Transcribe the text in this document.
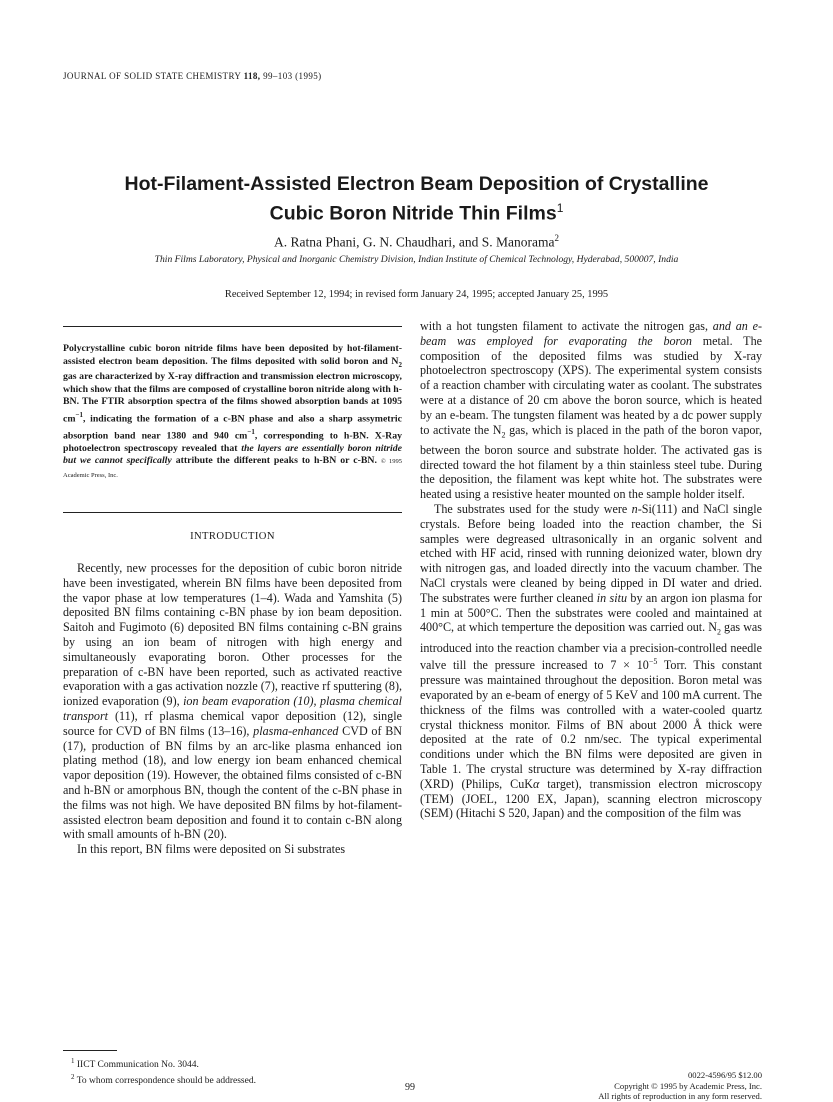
JOURNAL OF SOLID STATE CHEMISTRY 118, 99–103 (1995)
Hot-Filament-Assisted Electron Beam Deposition of Crystalline
Cubic Boron Nitride Thin Films$^1$
A. Ratna Phani, G. N. Chaudhari, and S. Manorama$^2$
Thin Films Laboratory, Physical and Inorganic Chemistry Division, Indian Institute of Chemical Technology, Hyderabad, 500007, India
Received September 12, 1994; in revised form January 24, 1995; accepted January 25, 1995
Polycrystalline cubic boron nitride films have been deposited by hot-filament-assisted electron beam deposition. The films deposited with solid boron and $N_2$ gas are characterized by X-ray diffraction and transmission electron microscopy, which show that the films are composed of crystalline boron nitride along with h-BN. The FTIR absorption spectra of the films showed absorption bands at 1095 $cm^{-1}$, indicating the formation of a c-BN phase and also a sharp assymetric absorption band near 1380 and 940 $cm^{-1}$, corresponding to h-BN. X-Ray photoelectron spectroscopy revealed that the layers are essentially boron nitride but we cannot specifically attribute the different peaks to h-BN or c-BN. © 1995 Academic Press, Inc.
INTRODUCTION

Recently, new processes for the deposition of cubic boron nitride have been investigated, wherein BN films have been deposited from the vapor phase at low temperatures (1–4). Wada and Yamshita (5) deposited BN films containing c-BN phase by ion beam deposition. Saitoh and Fugimoto (6) deposited BN films containing c-BN grains by using an ion beam of nitrogen with high energy and simultaneously evaporating boron. Other processes for the preparation of c-BN have been reported, such as activated reactive evaporation with a gas activation nozzle (7), reactive rf sputtering (8), ionized evaporation (9), ion beam evaporation (10), plasma chemical transport (11), rf plasma chemical vapor deposition (12), single source for CVD of BN films (13–16), plasma-enhanced CVD of BN (17), production of BN films by an arc-like plasma enhanced ion plating method (18), and low energy ion beam enhanced chemical vapor deposition (19). However, the obtained films consisted of c-BN and h-BN or amorphous BN, though the content of the c-BN phase in the films was not high. We have deposited BN films by hot-filament-assisted electron beam deposition and found it to contain c-BN along with small amounts of h-BN (20).

In this report, BN films were deposited on Si substrates

$^1$ IICT Communication No. 3044.
$^2$ To whom correspondence should be addressed.

with a hot tungsten filament to activate the nitrogen gas, and an e-beam was employed for evaporating the boron metal. The composition of the deposited films was studied by X-ray photoelectron spectroscopy (XPS). The experimental system consists of a reaction chamber with circulating water as coolant. The substrates were at a distance of 20 cm above the boron source, which is heated by an e-beam. The tungsten filament was heated by a dc power supply to activate the $N_2$ gas, which is placed in the path of the boron vapor, between the boron source and substrate holder. The activated gas is directed toward the hot filament by a thin stainless steel tube. During the deposition, the filament was kept white hot. The substrates were heated using a resistive heater mounted on the sample holder itself.

The substrates used for the study were n-Si(111) and NaCl single crystals. Before being loaded into the reaction chamber, the Si samples were degreased ultrasonically in an organic solvent and etched with HF acid, rinsed with running deionized water, blown dry with nitrogen gas, and loaded directly into the vacuum chamber. The NaCl crystals were cleaned by being dipped in DI water and dried. The substrates were further cleaned in situ by an argon ion plasma for 1 min at 500°C. Then the substrates were cooled and maintained at 400°C, at which temperture the deposition was carried out. $N_2$ gas was introduced into the reaction chamber via a precision-controlled needle valve till the pressure increased to $7 \times 10^{-5}$ Torr. This constant pressure was maintained throughout the deposition. Boron metal was evaporated by an e-beam of energy of 5 KeV and 100 mA current. The thickness of the films was controlled with a water-cooled quartz crystal thickness monitor. Films of BN about 2000 Å thick were deposited at the rate of 0.2 nm/sec. The typical experimental conditions under which the BN films were deposited are given in Table 1. The crystal structure was determined by X-ray diffraction (XRD) (Philips, CuKα target), transmission electron microscopy (TEM) (JOEL, 1200 EX, Japan), scanning electron microscopy (SEM) (Hitachi S 520, Japan) and the composition of the film was

99
0022-4596/95 $12.00
Copyright © 1995 by Academic Press, Inc.
All rights of reproduction in any form reserved.
